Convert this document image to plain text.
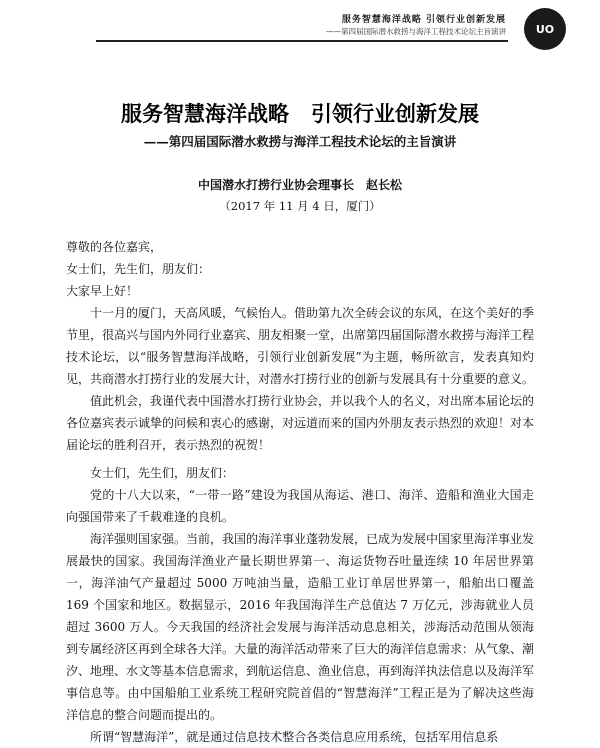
服务智慧海洋战略 引领行业创新发展
——第四届国际潜水救捞与海洋工程技术论坛主旨演讲	UO
服务智慧海洋战略 引领行业创新发展
——第四届国际潜水救捞与海洋工程技术论坛的主旨演讲
中国潜水打捞行业协会理事长 赵长松
（2017 年 11 月 4 日，厦门）

尊敬的各位嘉宾，

女士们，先生们，朋友们：

大家早上好！

十一月的厦门，天高风暖，气候怡人。借助第九次全砖会议的东风，在这个美好的季节里，很高兴与国内外同行业嘉宾、朋友相聚一堂，出席第四届国际潜水救捞与海洋工程技术论坛，以“服务智慧海洋战略，引领行业创新发展”为主题，畅所欲言，发表真知灼见，共商潜水打捞行业的发展大计，对潜水打捞行业的创新与发展具有十分重要的意义。

值此机会，我谨代表中国潜水打捞行业协会，并以我个人的名义，对出席本届论坛的各位嘉宾表示诚挚的问候和衷心的感谢，对远道而来的国内外朋友表示热烈的欢迎！对本届论坛的胜利召开，表示热烈的祝贺！

女士们，先生们，朋友们：

党的十八大以来，“一带一路”建设为我国从海运、港口、海洋、造船和渔业大国走向强国带来了千载难逢的良机。

海洋强则国家强。当前，我国的海洋事业蓬勃发展，已成为发展中国家里海洋事业发展最快的国家。我国海洋渔业产量长期世界第一、海运货物吞吐量连续 10 年居世界第一，海洋油气产量超过 5000 万吨油当量，造船工业订单居世界第一，船舶出口覆盖 169 个国家和地区。数据显示，2016 年我国海洋生产总值达 7 万亿元，涉海就业人员超过 3600 万人。今天我国的经济社会发展与海洋活动息息相关，涉海活动范围从领海到专属经济区再到全球各大洋。大量的海洋活动带来了巨大的海洋信息需求：从气象、潮汐、地理、水文等基本信息需求，到航运信息、渔业信息，再到海洋执法信息以及海洋军事信息等。由中国船舶工业系统工程研究院首倡的“智慧海洋”工程正是为了解决这些海洋信息的整合问题而提出的。

所谓“智慧海洋”，就是通过信息技术整合各类信息应用系统，包括军用信息系
